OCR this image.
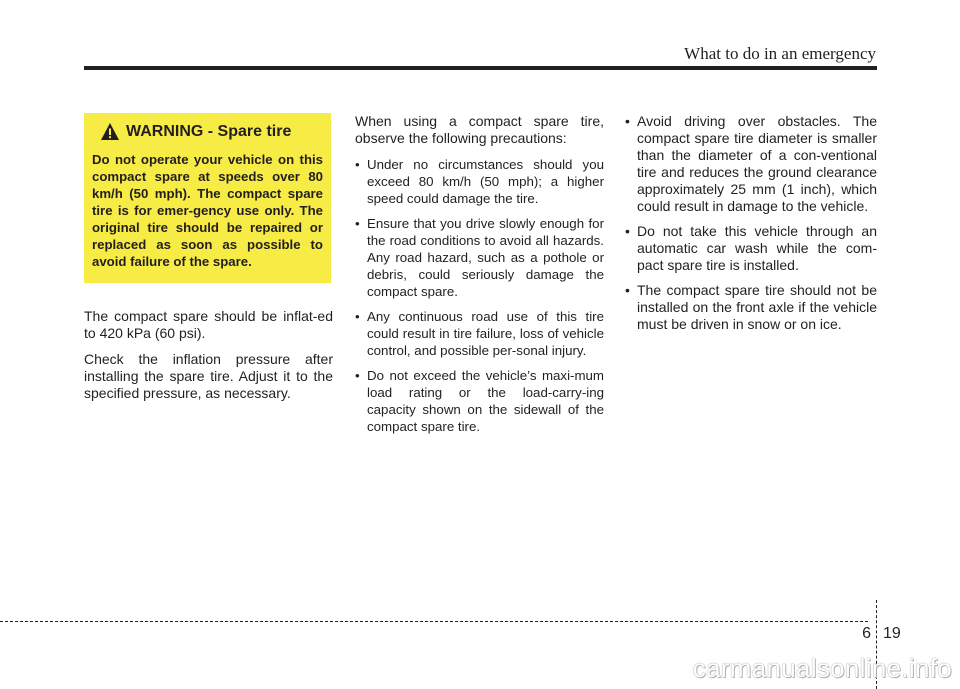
What to do in an emergency
WARNING - Spare tire
Do not operate your vehicle on this compact spare at speeds over 80 km/h (50 mph). The compact spare tire is for emer-gency use only. The original tire should be repaired or replaced as soon as possible to avoid failure of the spare.

The compact spare should be inflat-ed to 420 kPa (60 psi).

Check the inflation pressure after installing the spare tire. Adjust it to the specified pressure, as necessary.

When using a compact spare tire, observe the following precautions:

• Under no circumstances should you exceed 80 km/h (50 mph); a higher speed could damage the tire.
• Ensure that you drive slowly enough for the road conditions to avoid all hazards. Any road hazard, such as a pothole or debris, could seriously damage the compact spare.
• Any continuous road use of this tire could result in tire failure, loss of vehicle control, and possible per-sonal injury.
• Do not exceed the vehicle’s maxi-mum load rating or the load-carry-ing capacity shown on the sidewall of the compact spare tire.
• Avoid driving over obstacles. The compact spare tire diameter is smaller than the diameter of a con-ventional tire and reduces the ground clearance approximately 25 mm (1 inch), which could result in damage to the vehicle.
• Do not take this vehicle through an automatic car wash while the com-pact spare tire is installed.
• The compact spare tire should not be installed on the front axle if the vehicle must be driven in snow or on ice.
6 19
carmanualsonline.info
